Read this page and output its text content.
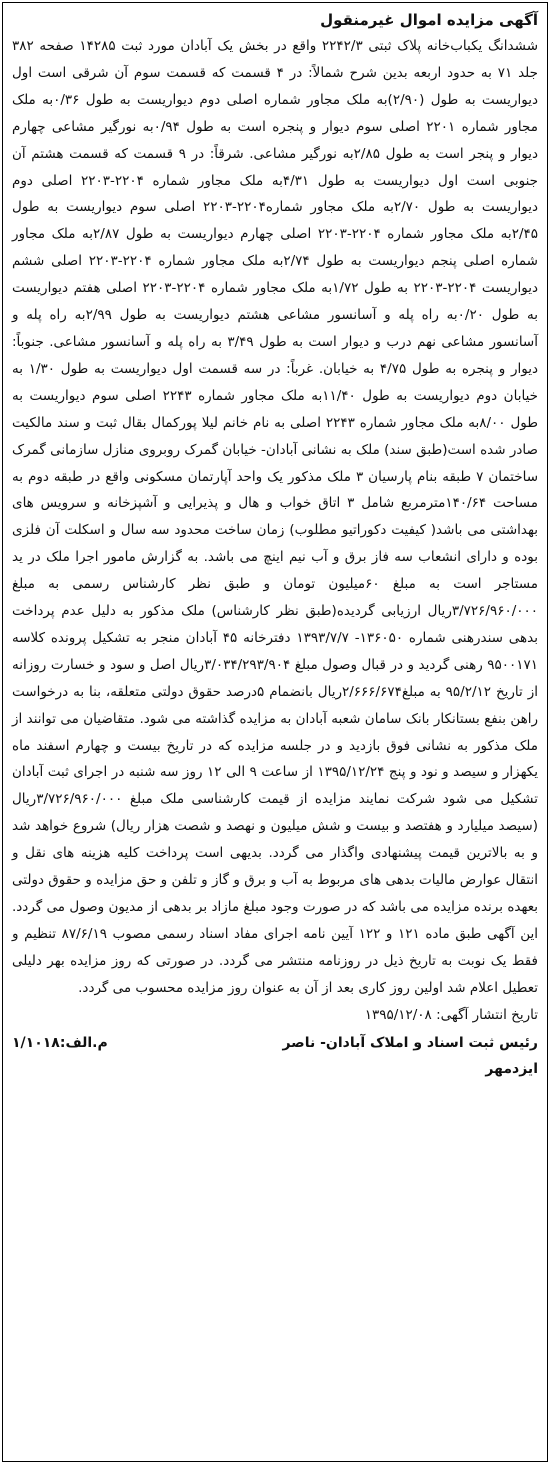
آگهی مزایده اموال غیرمنقول

ششدانگ یکباب‌خانه پلاک ثبتی ۲۲۴۲/۳ واقع در بخش یک آبادان مورد ثبت ۱۴۲۸۵ صفحه ۳۸۲ جلد ۷۱ به حدود اربعه بدین شرح شمالاً: در ۴ قسمت که قسمت سوم آن شرقی است اول دیواریست به طول (۲/۹۰)به ملک مجاور شماره اصلی دوم دیواریست به طول ۰/۳۶به ملک مجاور شماره ۲۲۰۱ اصلی سوم دیوار و پنجره است به طول ۰/۹۴به نورگیر مشاعی چهارم دیوار و پنجر است به طول ۲/۸۵به نورگیر مشاعی. شرقاً: در ۹ قسمت که قسمت هشتم آن جنوبی است اول دیواریست به طول ۴/۳۱به ملک مجاور شماره ۲۲۰۴-۲۲۰۳ اصلی دوم دیواریست به طول ۲/۷۰به ملک مجاور شماره۲۲۰۴-۲۲۰۳ اصلی سوم دیواریست به طول ۲/۴۵به ملک مجاور شماره ۲۲۰۴-۲۲۰۳ اصلی چهارم دیواریست به طول ۲/۸۷به ملک مجاور شماره اصلی پنجم دیواریست به طول ۲/۷۴به ملک مجاور شماره ۲۲۰۴-۲۲۰۳ اصلی ششم دیواریست ۲۲۰۴-۲۲۰۳ به طول ۱/۷۲به ملک مجاور شماره ۲۲۰۴-۲۲۰۳ اصلی هفتم دیواریست به طول ۰/۲۰به راه پله و آسانسور مشاعی هشتم دیواریست به طول ۲/۹۹به راه پله و آسانسور مشاعی نهم درب و دیوار است به طول ۳/۴۹ به راه پله و آسانسور مشاعی. جنوباً: دیوار و پنجره به طول ۴/۷۵ به خیابان. غرباً: در سه قسمت اول دیواریست به طول ۱/۳۰ به خیابان دوم دیواریست به طول ۱۱/۴۰به ملک مجاور شماره ۲۲۴۳ اصلی سوم دیواریست به طول ۸/۰۰به ملک مجاور شماره ۲۲۴۳ اصلی به نام خانم لیلا پورکمال بقال ثبت و سند مالکیت صادر شده است(طبق سند) ملک به نشانی آبادان- خیابان گمرک روبروی منازل سازمانی گمرک ساختمان ۷ طبقه بنام پارسیان ۳ ملک مذکور یک واحد آپارتمان مسکونی واقع در طبقه دوم به مساحت ۱۴۰/۶۴مترمربع شامل ۳ اتاق خواب و هال و پذیرایی و آشپزخانه و سرویس های بهداشتی می باشد( کیفیت دکوراتیو مطلوب) زمان ساخت محدود سه سال و اسکلت آن فلزی بوده و دارای انشعاب سه فاز برق و آب نیم اینچ می باشد. به گزارش مامور اجرا ملک در ید مستاجر است به مبلغ ۶۰میلیون تومان و طبق نظر کارشناس رسمی به مبلغ ۳/۷۲۶/۹۶۰/۰۰۰ریال ارزیابی گردیده(طبق نظر کارشناس) ملک مذکور به دلیل عدم پرداخت بدهی سندرهنی شماره ۱۳۶۰۵۰- ۱۳۹۳/۷/۷ دفترخانه ۴۵ آبادان منجر به تشکیل پرونده کلاسه ۹۵۰۰۱۷۱ رهنی گردید و در قبال وصول مبلغ ۳/۰۳۴/۲۹۳/۹۰۴ریال اصل و سود و خسارت روزانه از تاریخ ۹۵/۲/۱۲ به مبلغ۲/۶۶۶/۶۷۴ریال بانضمام ۵درصد حقوق دولتی متعلقه، بنا به درخواست راهن بنفع بستانکار بانک سامان شعبه آبادان به مزایده گذاشته می شود. متقاضیان می توانند از ملک مذکور به نشانی فوق بازدید و در جلسه مزایده که در تاریخ بیست و چهارم اسفند ماه یکهزار و سیصد و نود و پنج ۱۳۹۵/۱۲/۲۴ از ساعت ۹ الی ۱۲ روز سه شنبه در اجرای ثبت آبادان تشکیل می شود شرکت نمایند مزایده از قیمت کارشناسی ملک مبلغ ۳/۷۲۶/۹۶۰/۰۰۰ریال (سیصد میلیارد و هفتصد و بیست و شش میلیون و نهصد و شصت هزار ریال) شروع خواهد شد و به بالاترین قیمت پیشنهادی واگذار می گردد. بدیهی است پرداخت کلیه هزینه های نقل و انتقال عوارض مالیات بدهی های مربوط به آب و برق و گاز و تلفن و حق مزایده و حقوق دولتی بعهده برنده مزایده می باشد که در صورت وجود مبلغ مازاد بر بدهی از مدیون وصول می گردد. این آگهی طبق ماده ۱۲۱ و ۱۲۲ آیین نامه اجرای مفاد اسناد رسمی مصوب ۸۷/۶/۱۹ تنظیم و فقط یک نوبت به تاریخ ذیل در روزنامه منتشر می گردد. در صورتی که روز مزایده بهر دلیلی تعطیل اعلام شد اولین روز کاری بعد از آن به عنوان روز مزایده محسوب می گردد.

تاریخ انتشار آگهی: ۱۳۹۵/۱۲/۰۸

رئیس ثبت اسناد و املاک آبادان- ناصر
م.الف:۱/۱۰۱۸
ایزدمهر
